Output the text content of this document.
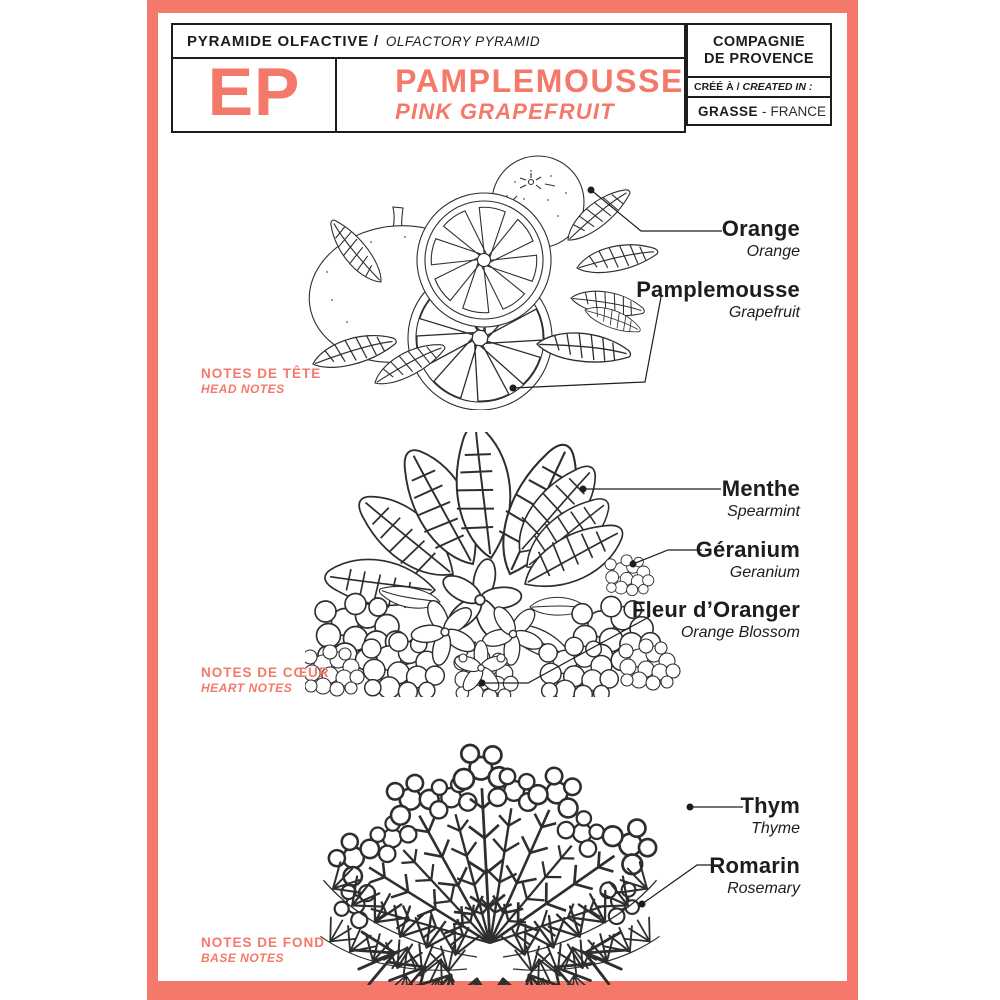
PYRAMIDE OLFACTIVE / OLFACTORY PYRAMID
EP	PAMPLEMOUSSE
PINK GRAPEFRUIT
COMPAGNIE
DE PROVENCE
CRÉÉ À / CREATED IN :
GRASSE - FRANCE
Orange
Orange
Pamplemousse
Grapefruit
Menthe
Spearmint
Géranium
Geranium
Fleur d’Oranger
Orange Blossom
Thym
Thyme
Romarin
Rosemary
NOTES DE TÊTE
HEAD NOTES
NOTES DE CŒUR
HEART NOTES
NOTES DE FOND
BASE NOTES
